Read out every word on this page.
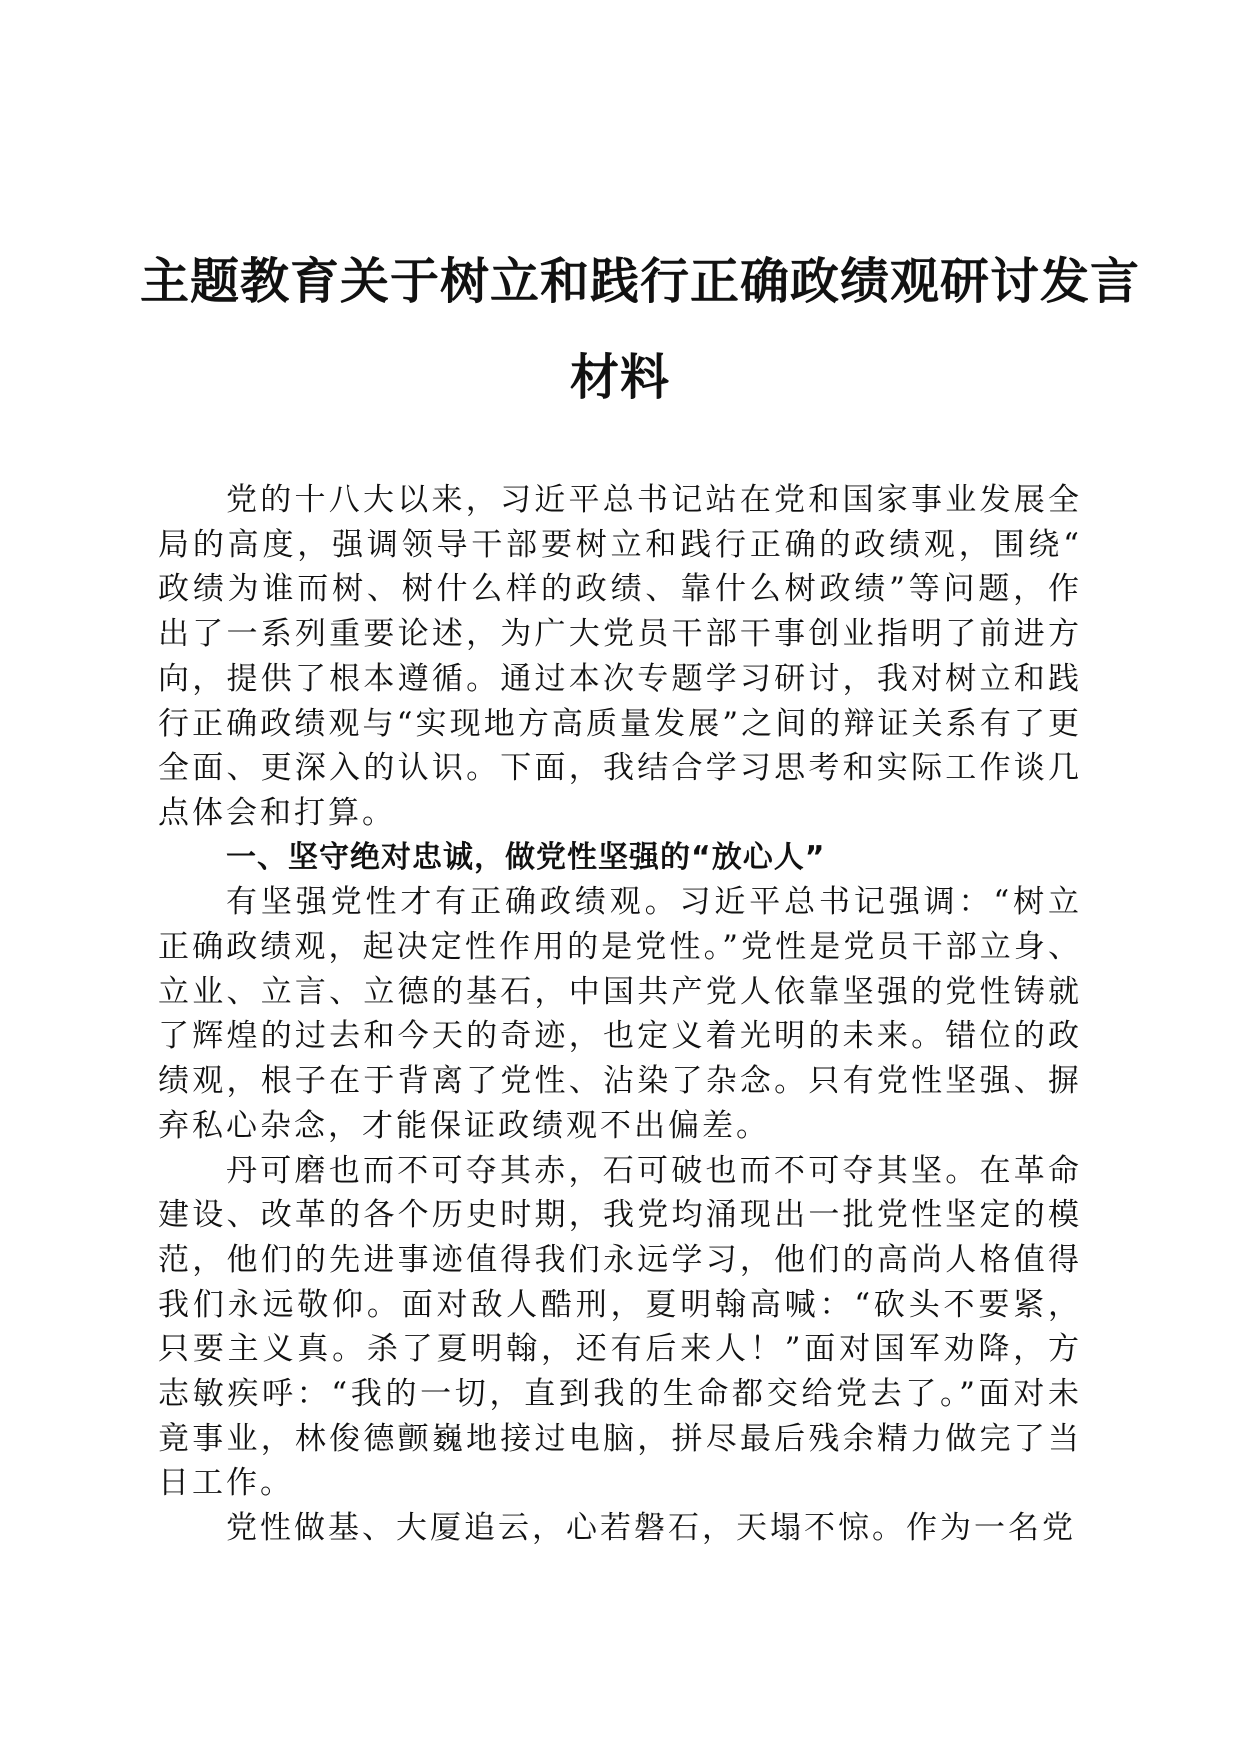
主题教育关于树立和践行正确政绩观研讨发言
材料

党的十八大以来，习近平总书记站在党和国家事业发展全局的高度，强调领导干部要树立和践行正确的政绩观，围绕“政绩为谁而树、树什么样的政绩、靠什么树政绩”等问题，作出了一系列重要论述，为广大党员干部干事创业指明了前进方向，提供了根本遵循。通过本次专题学习研讨，我对树立和践行正确政绩观与“实现地方高质量发展”之间的辩证关系有了更全面、更深入的认识。下面，我结合学习思考和实际工作谈几点体会和打算。

一、坚守绝对忠诚，做党性坚强的“放心人”

有坚强党性才有正确政绩观。习近平总书记强调：“树立正确政绩观，起决定性作用的是党性。”党性是党员干部立身、立业、立言、立德的基石，中国共产党人依靠坚强的党性铸就了辉煌的过去和今天的奇迹，也定义着光明的未来。错位的政绩观，根子在于背离了党性、沾染了杂念。只有党性坚强、摒弃私心杂念，才能保证政绩观不出偏差。

丹可磨也而不可夺其赤，石可破也而不可夺其坚。在革命建设、改革的各个历史时期，我党均涌现出一批党性坚定的模范，他们的先进事迹值得我们永远学习，他们的高尚人格值得我们永远敬仰。面对敌人酷刑，夏明翰高喊：“砍头不要紧，只要主义真。杀了夏明翰，还有后来人！”面对国军劝降，方志敏疾呼：“我的一切，直到我的生命都交给党去了。”面对未竟事业，林俊德颤巍地接过电脑，拼尽最后残余精力做完了当日工作。

党性做基、大厦追云，心若磐石，天塌不惊。作为一名党
